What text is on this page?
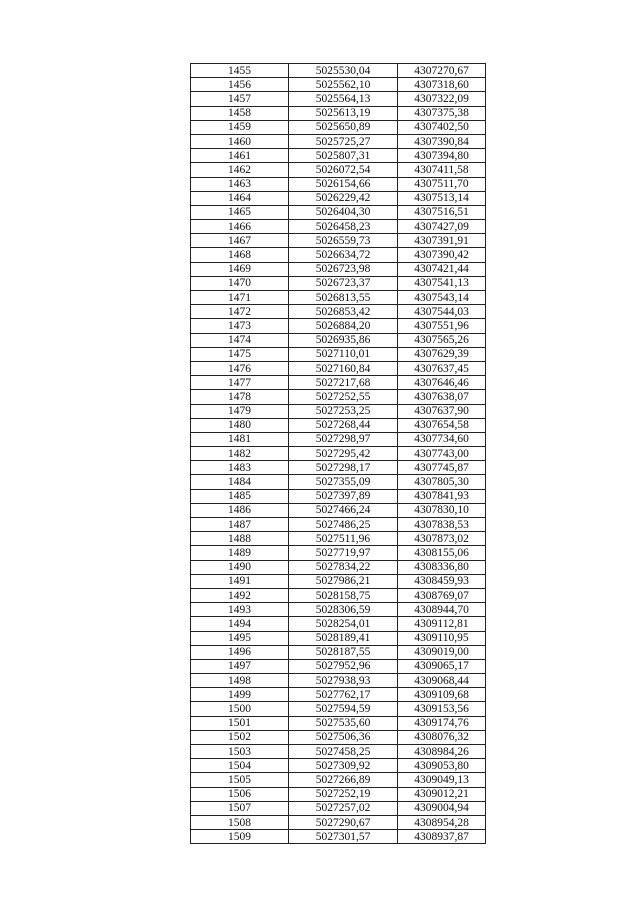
1455	5025530,04	4307270,67
1456	5025562,10	4307318,60
1457	5025564,13	4307322,09
1458	5025613,19	4307375,38
1459	5025650,89	4307402,50
1460	5025725,27	4307390,84
1461	5025807,31	4307394,80
1462	5026072,54	4307411,58
1463	5026154,66	4307511,70
1464	5026229,42	4307513,14
1465	5026404,30	4307516,51
1466	5026458,23	4307427,09
1467	5026559,73	4307391,91
1468	5026634,72	4307390,42
1469	5026723,98	4307421,44
1470	5026723,37	4307541,13
1471	5026813,55	4307543,14
1472	5026853,42	4307544,03
1473	5026884,20	4307551,96
1474	5026935,86	4307565,26
1475	5027110,01	4307629,39
1476	5027160,84	4307637,45
1477	5027217,68	4307646,46
1478	5027252,55	4307638,07
1479	5027253,25	4307637,90
1480	5027268,44	4307654,58
1481	5027298,97	4307734,60
1482	5027295,42	4307743,00
1483	5027298,17	4307745,87
1484	5027355,09	4307805,30
1485	5027397,89	4307841,93
1486	5027466,24	4307830,10
1487	5027486,25	4307838,53
1488	5027511,96	4307873,02
1489	5027719,97	4308155,06
1490	5027834,22	4308336,80
1491	5027986,21	4308459,93
1492	5028158,75	4308769,07
1493	5028306,59	4308944,70
1494	5028254,01	4309112,81
1495	5028189,41	4309110,95
1496	5028187,55	4309019,00
1497	5027952,96	4309065,17
1498	5027938,93	4309068,44
1499	5027762,17	4309109,68
1500	5027594,59	4309153,56
1501	5027535,60	4309174,76
1502	5027506,36	4308076,32
1503	5027458,25	4308984,26
1504	5027309,92	4309053,80
1505	5027266,89	4309049,13
1506	5027252,19	4309012,21
1507	5027257,02	4309004,94
1508	5027290,67	4308954,28
1509	5027301,57	4308937,87
